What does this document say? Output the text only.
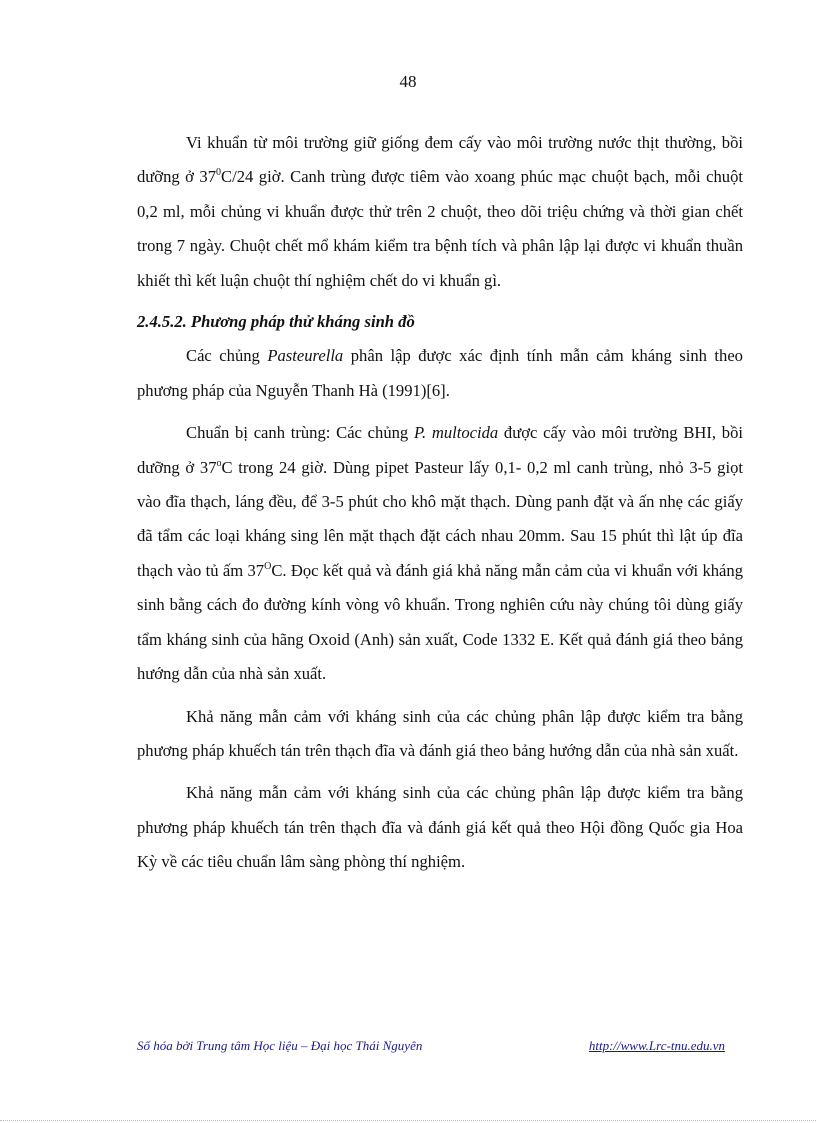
48

Vi khuẩn từ môi trường giữ giống đem cấy vào môi trường nước thịt thường, bồi dưỡng ở $37^0C/24$ giờ. Canh trùng được tiêm vào xoang phúc mạc chuột bạch, mỗi chuột 0,2 ml, mỗi chủng vi khuẩn được thử trên 2 chuột, theo dõi triệu chứng và thời gian chết trong 7 ngày. Chuột chết mổ khám kiểm tra bệnh tích và phân lập lại được vi khuẩn thuần khiết thì kết luận chuột thí nghiệm chết do vi khuẩn gì.

2.4.5.2. Phương pháp thử kháng sinh đồ

Các chủng Pasteurella phân lập được xác định tính mẫn cảm kháng sinh theo phương pháp của Nguyễn Thanh Hà (1991)[6].

Chuẩn bị canh trùng: Các chủng P. multocida được cấy vào môi trường BHI, bồi dưỡng ở 37$^o$C trong 24 giờ. Dùng pipet Pasteur lấy 0,1- 0,2 ml canh trùng, nhỏ 3-5 giọt vào đĩa thạch, láng đều, để 3-5 phút cho khô mặt thạch. Dùng panh đặt và ấn nhẹ các giấy đã tẩm các loại kháng sing lên mặt thạch đặt cách nhau 20mm. Sau 15 phút thì lật úp đĩa thạch vào tủ ấm $37^OC$. Đọc kết quả và đánh giá khả năng mẫn cảm của vi khuẩn với kháng sinh bằng cách đo đường kính vòng vô khuẩn. Trong nghiên cứu này chúng tôi dùng giấy tẩm kháng sinh của hãng Oxoid (Anh) sản xuất, Code 1332 E. Kết quả đánh giá theo bảng hướng dẫn của nhà sản xuất.

Khả năng mẫn cảm với kháng sinh của các chủng phân lập được kiểm tra bằng phương pháp khuếch tán trên thạch đĩa và đánh giá theo bảng hướng dẫn của nhà sản xuất.

Khả năng mẫn cảm với kháng sinh của các chủng phân lập được kiểm tra bằng phương pháp khuếch tán trên thạch đĩa và đánh giá kết quả theo Hội đồng Quốc gia Hoa Kỳ về các tiêu chuẩn lâm sàng phòng thí nghiệm.

Số hóa bởi Trung tâm Học liệu – Đại học Thái Nguyên	http://www.Lrc-tnu.edu.vn
